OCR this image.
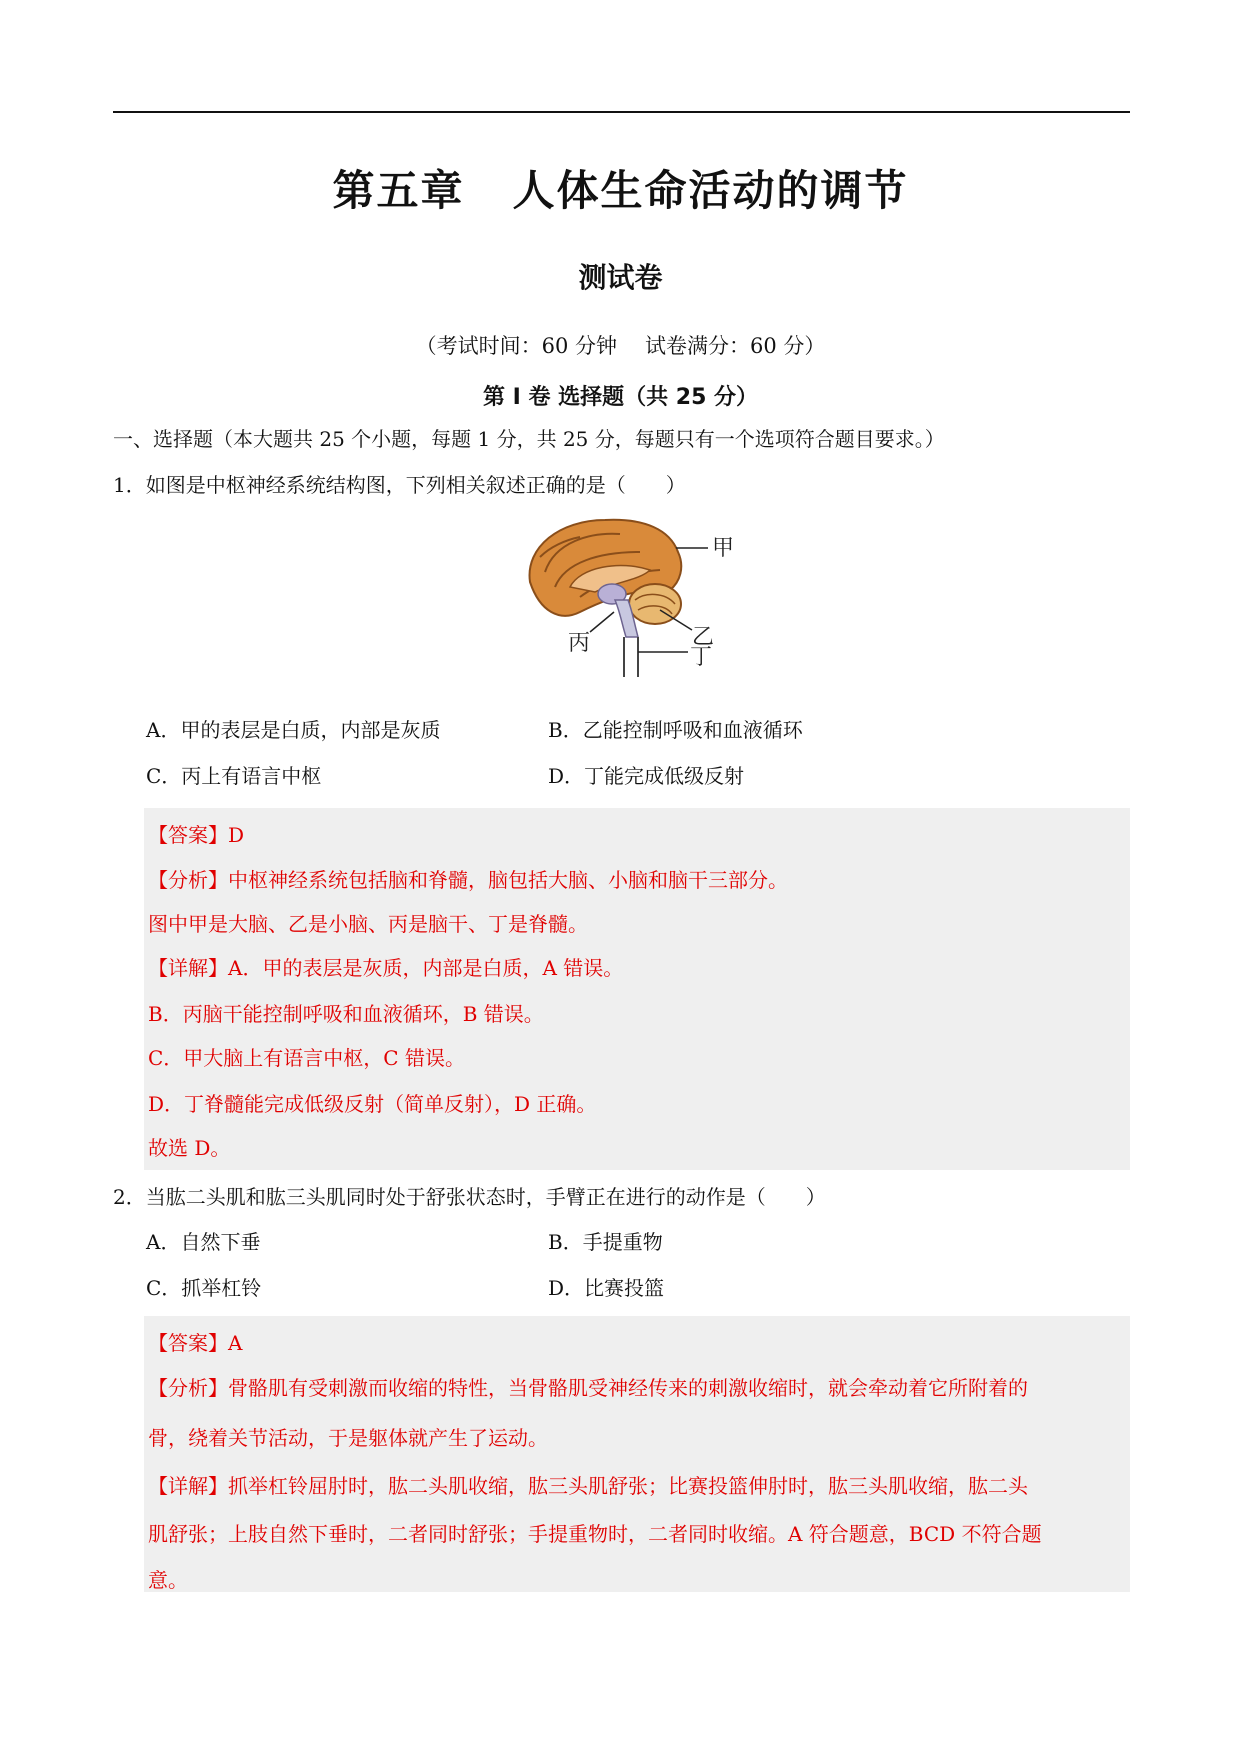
第五章 人体生命活动的调节
测试卷
（考试时间：60 分钟 试卷满分：60 分）
第 I 卷 选择题（共 25 分）
一、选择题（本大题共 25 个小题，每题 1 分，共 25 分，每题只有一个选项符合题目要求。）
1．如图是中枢神经系统结构图，下列相关叙述正确的是（　　）
甲
乙
丙
丁
A．甲的表层是白质，内部是灰质	B．乙能控制呼吸和血液循环
C．丙上有语言中枢	D．丁能完成低级反射
【答案】D
【分析】中枢神经系统包括脑和脊髓，脑包括大脑、小脑和脑干三部分。
图中甲是大脑、乙是小脑、丙是脑干、丁是脊髓。
【详解】A．甲的表层是灰质，内部是白质，A 错误。
B．丙脑干能控制呼吸和血液循环，B 错误。
C．甲大脑上有语言中枢，C 错误。
D．丁脊髓能完成低级反射（简单反射），D 正确。
故选 D。
2．当肱二头肌和肱三头肌同时处于舒张状态时，手臂正在进行的动作是（　　）
A．自然下垂	B．手提重物
C．抓举杠铃	D．比赛投篮
【答案】A
【分析】骨骼肌有受刺激而收缩的特性，当骨骼肌受神经传来的刺激收缩时，就会牵动着它所附着的
骨，绕着关节活动，于是躯体就产生了运动。
【详解】抓举杠铃屈肘时，肱二头肌收缩，肱三头肌舒张；比赛投篮伸肘时，肱三头肌收缩，肱二头
肌舒张；上肢自然下垂时，二者同时舒张；手提重物时，二者同时收缩。A 符合题意，BCD 不符合题
意。
